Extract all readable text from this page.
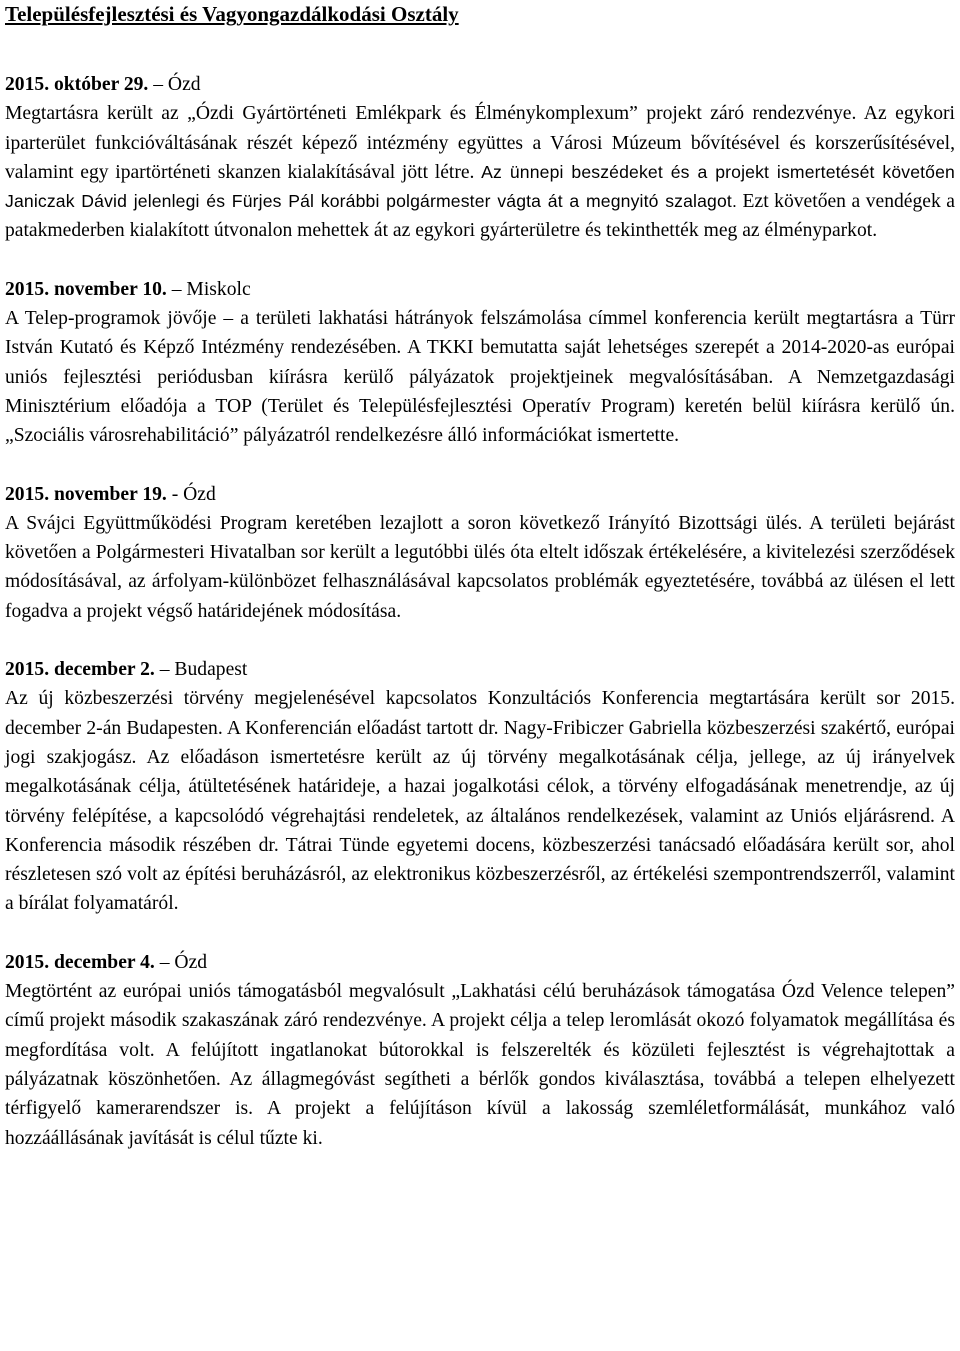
Településfejlesztési és Vagyongazdálkodási Osztály
2015. október 29. – Ózd
Megtartásra került az „Ózdi Gyártörténeti Emlékpark és Élménykomplexum” projekt záró rendezvénye. Az egykori iparterület funkcióváltásának részét képező intézmény együttes a Városi Múzeum bővítésével és korszerűsítésével, valamint egy ipartörténeti skanzen kialakításával jött létre. Az ünnepi beszédeket és a projekt ismertetését követően Janiczak Dávid jelenlegi és Fürjes Pál korábbi polgármester vágta át a megnyitó szalagot. Ezt követően a vendégek a patakmederben kialakított útvonalon mehettek át az egykori gyárterületre és tekinthették meg az élményparkot.
2015. november 10. – Miskolc
A Telep-programok jövője – a területi lakhatási hátrányok felszámolása címmel konferencia került megtartásra a Türr István Kutató és Képző Intézmény rendezésében. A TKKI bemutatta saját lehetséges szerepét a 2014-2020-as európai uniós fejlesztési periódusban kiírásra kerülő pályázatok projektjeinek megvalósításában. A Nemzetgazdasági Minisztérium előadója a TOP (Terület és Településfejlesztési Operatív Program) keretén belül kiírásra kerülő ún. „Szociális városrehabilitáció” pályázatról rendelkezésre álló információkat ismertette.
2015. november 19. - Ózd
A Svájci Együttműködési Program keretében lezajlott a soron következő Irányító Bizottsági ülés. A területi bejárást követően a Polgármesteri Hivatalban sor került a legutóbbi ülés óta eltelt időszak értékelésére, a kivitelezési szerződések módosításával, az árfolyam-különbözet felhasználásával kapcsolatos problémák egyeztetésére, továbbá az ülésen el lett fogadva a projekt végső határidejének módosítása.
2015. december 2. – Budapest
Az új közbeszerzési törvény megjelenésével kapcsolatos Konzultációs Konferencia megtartására került sor 2015. december 2-án Budapesten. A Konferencián előadást tartott dr. Nagy-Fribiczer Gabriella közbeszerzési szakértő, európai jogi szakjogász. Az előadáson ismertetésre került az új törvény megalkotásának célja, jellege, az új irányelvek megalkotásának célja, átültetésének határideje, a hazai jogalkotási célok, a törvény elfogadásának menetrendje, az új törvény felépítése, a kapcsolódó végrehajtási rendeletek, az általános rendelkezések, valamint az Uniós eljárásrend. A Konferencia második részében dr. Tátrai Tünde egyetemi docens, közbeszerzési tanácsadó előadására került sor, ahol részletesen szó volt az építési beruházásról, az elektronikus közbeszerzésről, az értékelési szempontrendszerről, valamint a bírálat folyamatáról.
2015. december 4. – Ózd
Megtörtént az európai uniós támogatásból megvalósult „Lakhatási célú beruházások támogatása Ózd Velence telepen” című projekt második szakaszának záró rendezvénye. A projekt célja a telep leromlását okozó folyamatok megállítása és megfordítása volt. A felújított ingatlanokat bútorokkal is felszerelték és közületi fejlesztést is végrehajtottak a pályázatnak köszönhetően. Az állagmegóvást segítheti a bérlők gondos kiválasztása, továbbá a telepen elhelyezett térfigyelő kamerarendszer is. A projekt a felújításon kívül a lakosság szemléletformálását, munkához való hozzáállásának javítását is célul tűzte ki.
